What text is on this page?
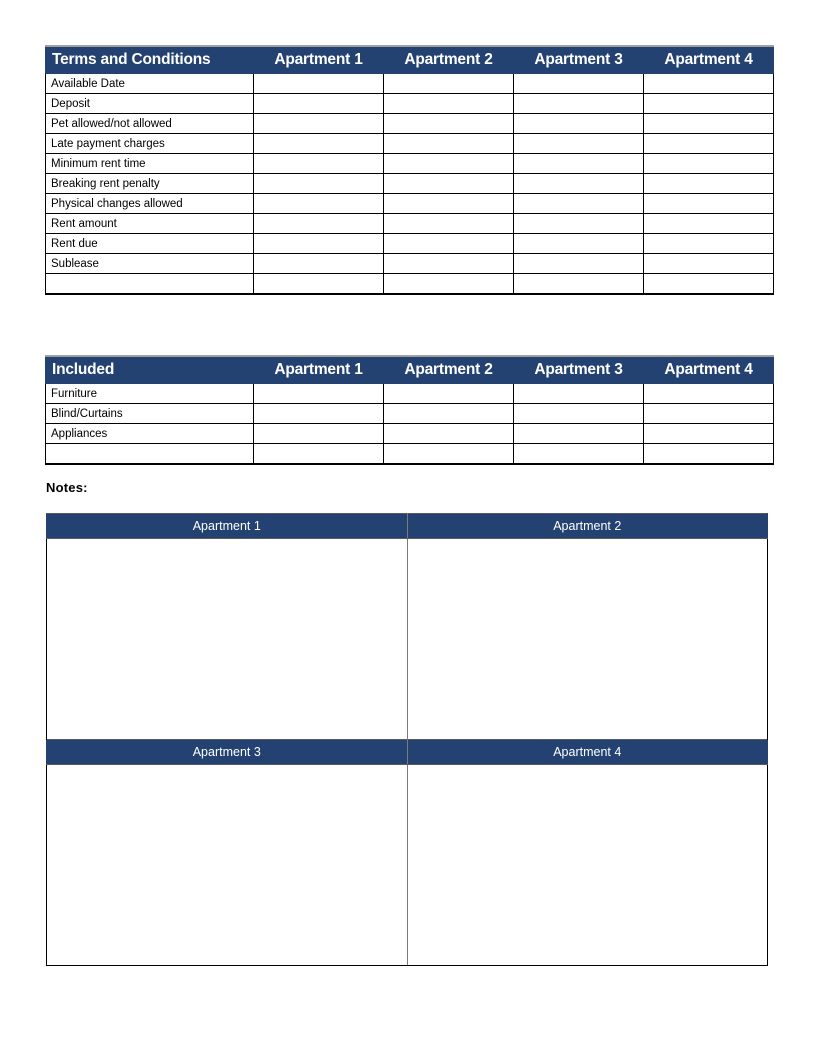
Terms and Conditions	Apartment 1	Apartment 2	Apartment 3	Apartment 4
Available Date				
Deposit				
Pet allowed/not allowed				
Late payment charges				
Minimum rent time				
Breaking rent penalty				
Physical changes allowed				
Rent amount				
Rent due				
Sublease				

Included	Apartment 1	Apartment 2	Apartment 3	Apartment 4
Furniture				
Blind/Curtains				
Appliances				

Notes:
Apartment 1	Apartment 2

Apartment 3	Apartment 4
